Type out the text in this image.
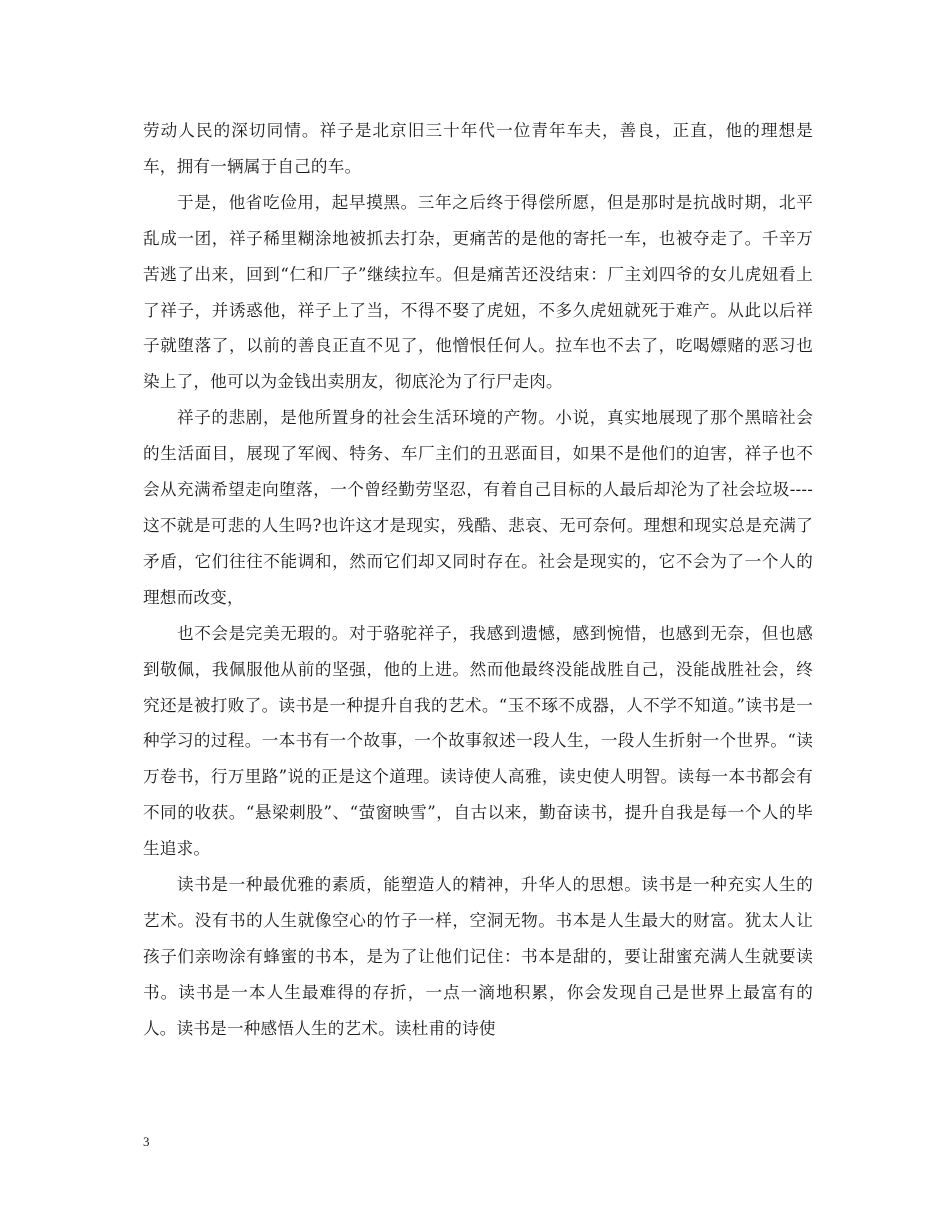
劳动人民的深切同情。祥子是北京旧三十年代一位青年车夫，善良，正直，他的理想是车，拥有一辆属于自己的车。

于是，他省吃俭用，起早摸黑。三年之后终于得偿所愿，但是那时是抗战时期，北平乱成一团，祥子稀里糊涂地被抓去打杂，更痛苦的是他的寄托一车，也被夺走了。千辛万苦逃了出来，回到“仁和厂子”继续拉车。但是痛苦还没结束：厂主刘四爷的女儿虎妞看上了祥子，并诱惑他，祥子上了当，不得不娶了虎妞，不多久虎妞就死于难产。从此以后祥子就堕落了，以前的善良正直不见了，他憎恨任何人。拉车也不去了，吃喝嫖赌的恶习也染上了，他可以为金钱出卖朋友，彻底沦为了行尸走肉。

祥子的悲剧，是他所置身的社会生活环境的产物。小说，真实地展现了那个黑暗社会的生活面目，展现了军阀、特务、车厂主们的丑恶面目，如果不是他们的迫害，祥子也不会从充满希望走向堕落，一个曾经勤劳坚忍，有着自己目标的人最后却沦为了社会垃圾----这不就是可悲的人生吗?也许这才是现实，残酷、悲哀、无可奈何。理想和现实总是充满了矛盾，它们往往不能调和，然而它们却又同时存在。社会是现实的，它不会为了一个人的理想而改变，

也不会是完美无瑕的。对于骆驼祥子，我感到遗憾，感到惋惜，也感到无奈，但也感到敬佩，我佩服他从前的坚强，他的上进。然而他最终没能战胜自己，没能战胜社会，终究还是被打败了。读书是一种提升自我的艺术。“玉不琢不成器，人不学不知道。”读书是一种学习的过程。一本书有一个故事，一个故事叙述一段人生，一段人生折射一个世界。“读万卷书，行万里路”说的正是这个道理。读诗使人高雅，读史使人明智。读每一本书都会有不同的收获。“悬梁刺股”、“萤窗映雪”，自古以来，勤奋读书，提升自我是每一个人的毕生追求。

读书是一种最优雅的素质，能塑造人的精神，升华人的思想。读书是一种充实人生的艺术。没有书的人生就像空心的竹子一样，空洞无物。书本是人生最大的财富。犹太人让孩子们亲吻涂有蜂蜜的书本，是为了让他们记住：书本是甜的，要让甜蜜充满人生就要读书。读书是一本人生最难得的存折，一点一滴地积累，你会发现自己是世界上最富有的人。读书是一种感悟人生的艺术。读杜甫的诗使

3
